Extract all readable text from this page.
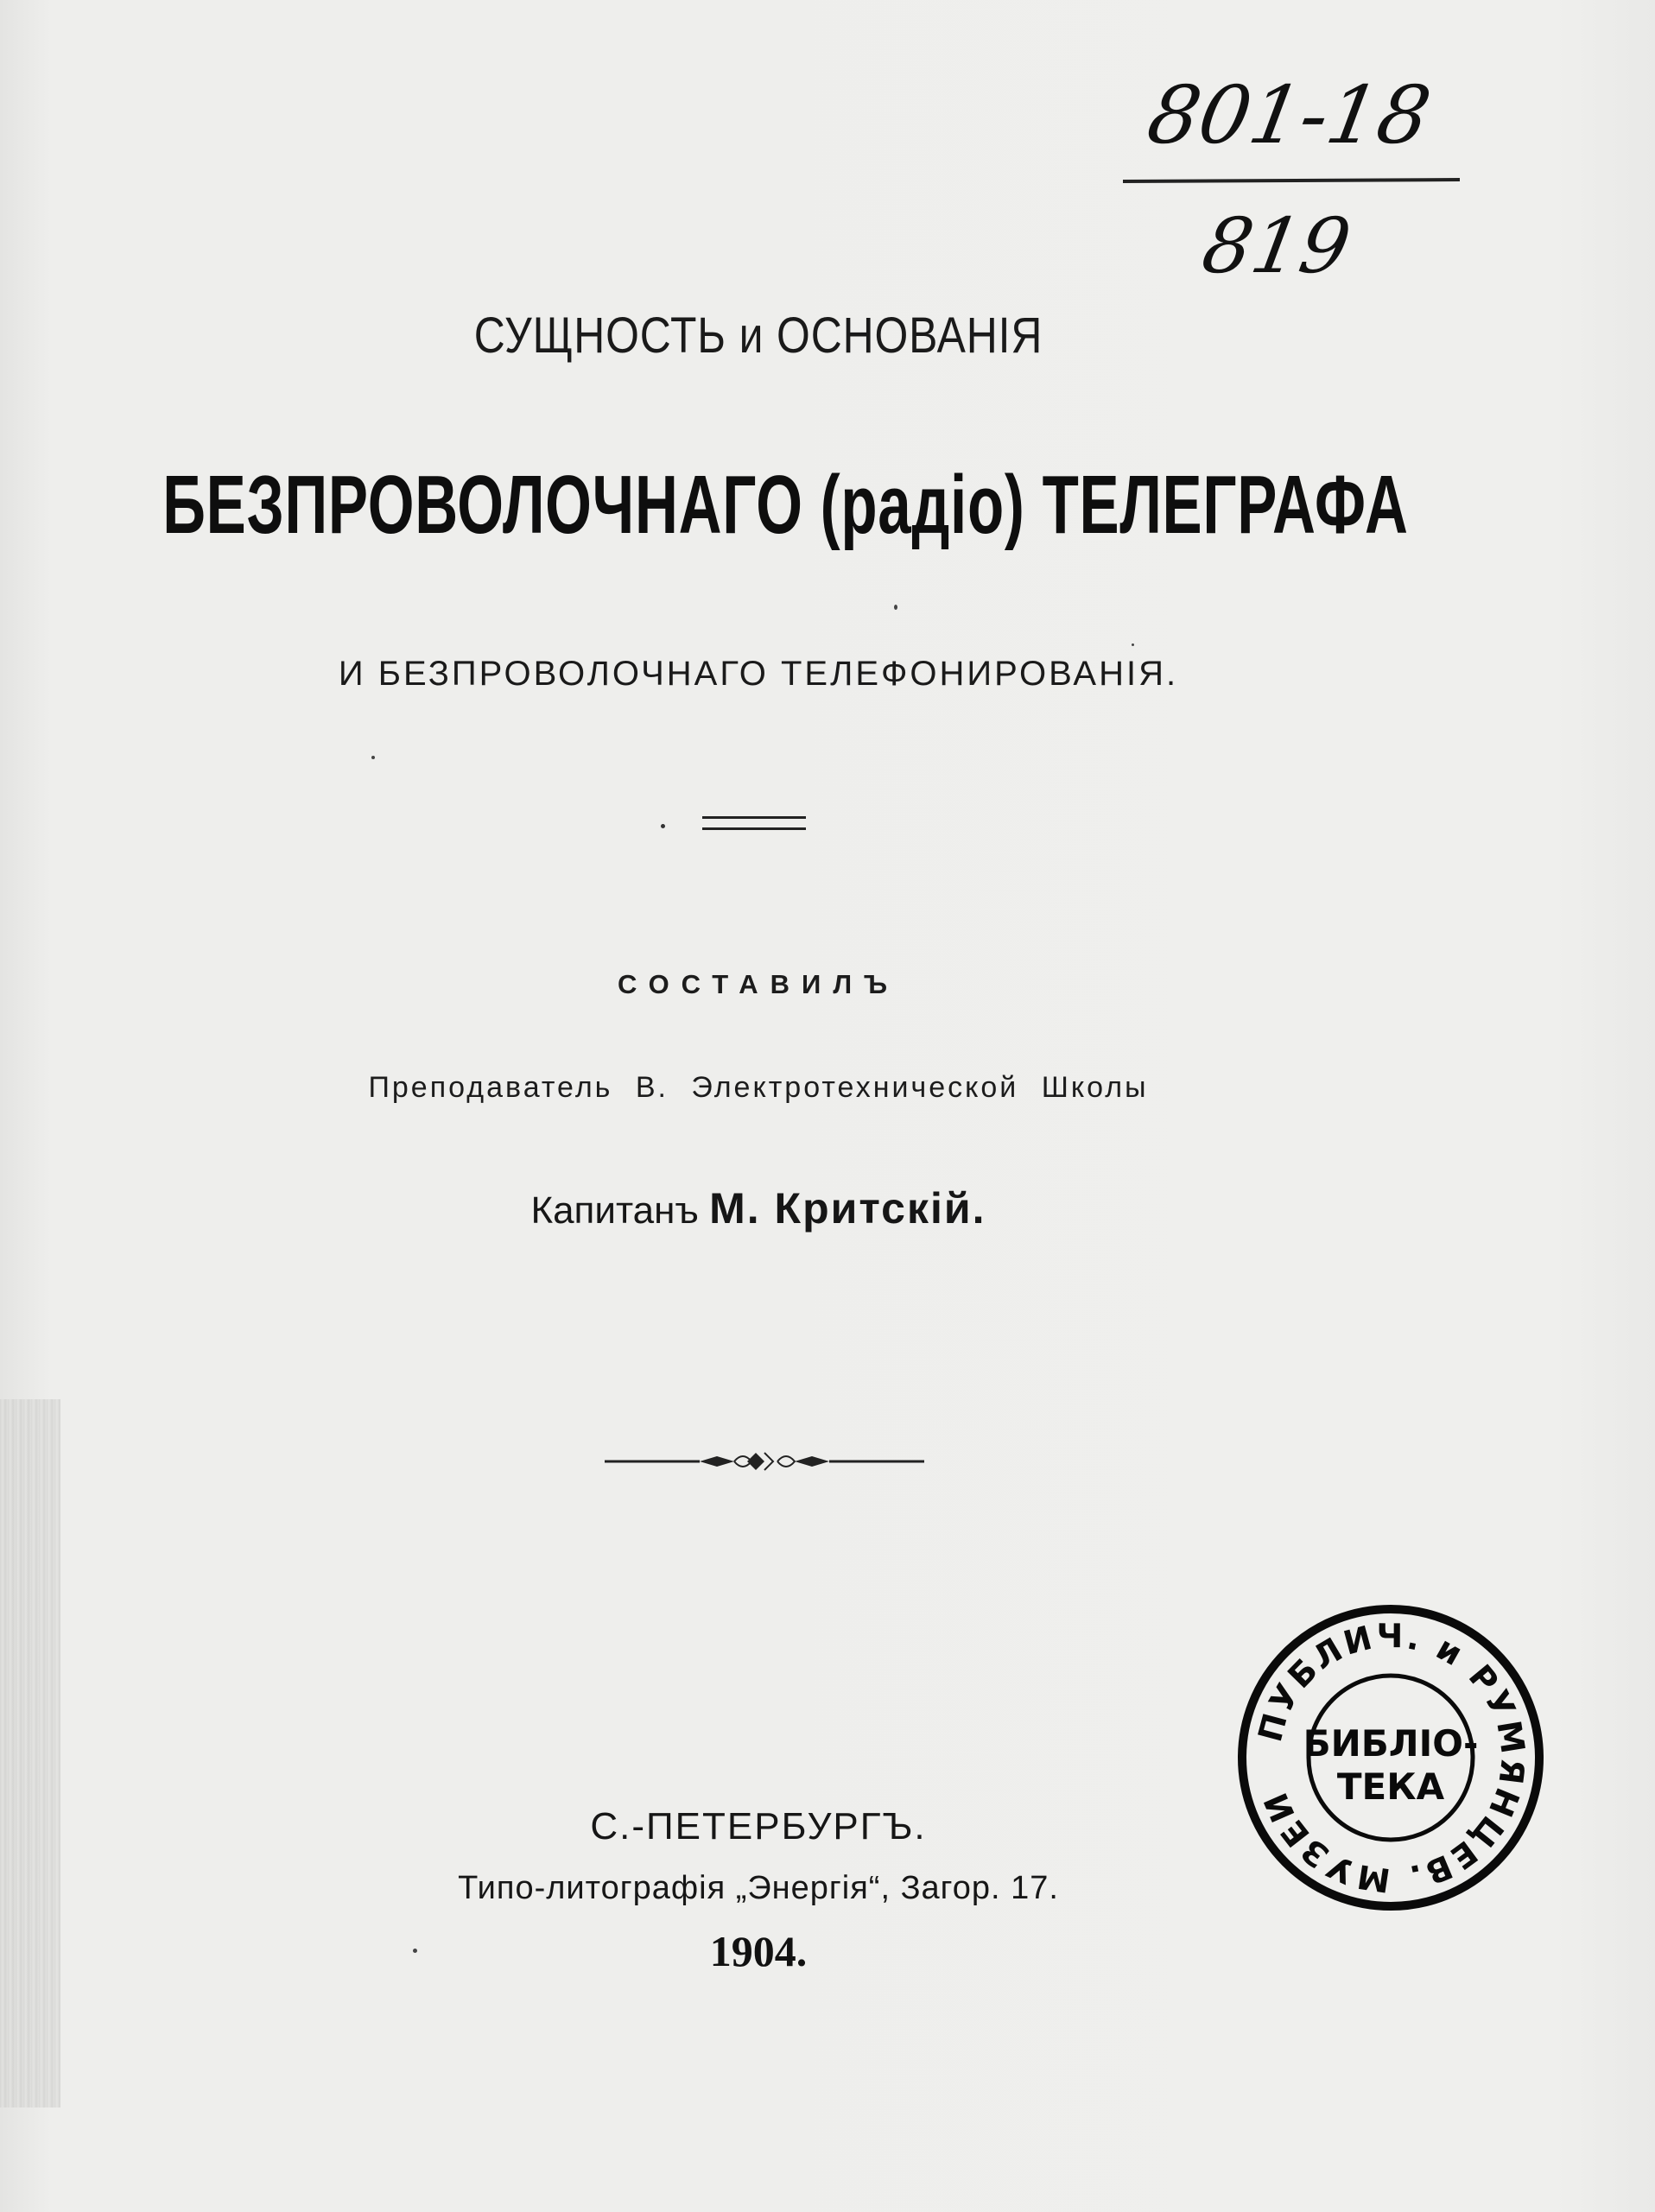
801-18
819

СУЩНОСТЬ и ОСНОВАНІЯ

БЕЗПРОВОЛОЧНАГО (радіо) ТЕЛЕГРАФА

И БЕЗПРОВОЛОЧНАГО ТЕЛЕФОНИРОВАНІЯ.

СОСТАВИЛЪ

Преподаватель В. Электротехнической Школы

Капитанъ М. Критскій.

С.-ПЕТЕРБУРГЪ.

Типо-литографія „Энергія“, Загор. 17.

1904.

ПУБЛИЧ. и РУМЯНЦЕВ. МУЗЕИ
БИБЛІО-
ТЕКА
